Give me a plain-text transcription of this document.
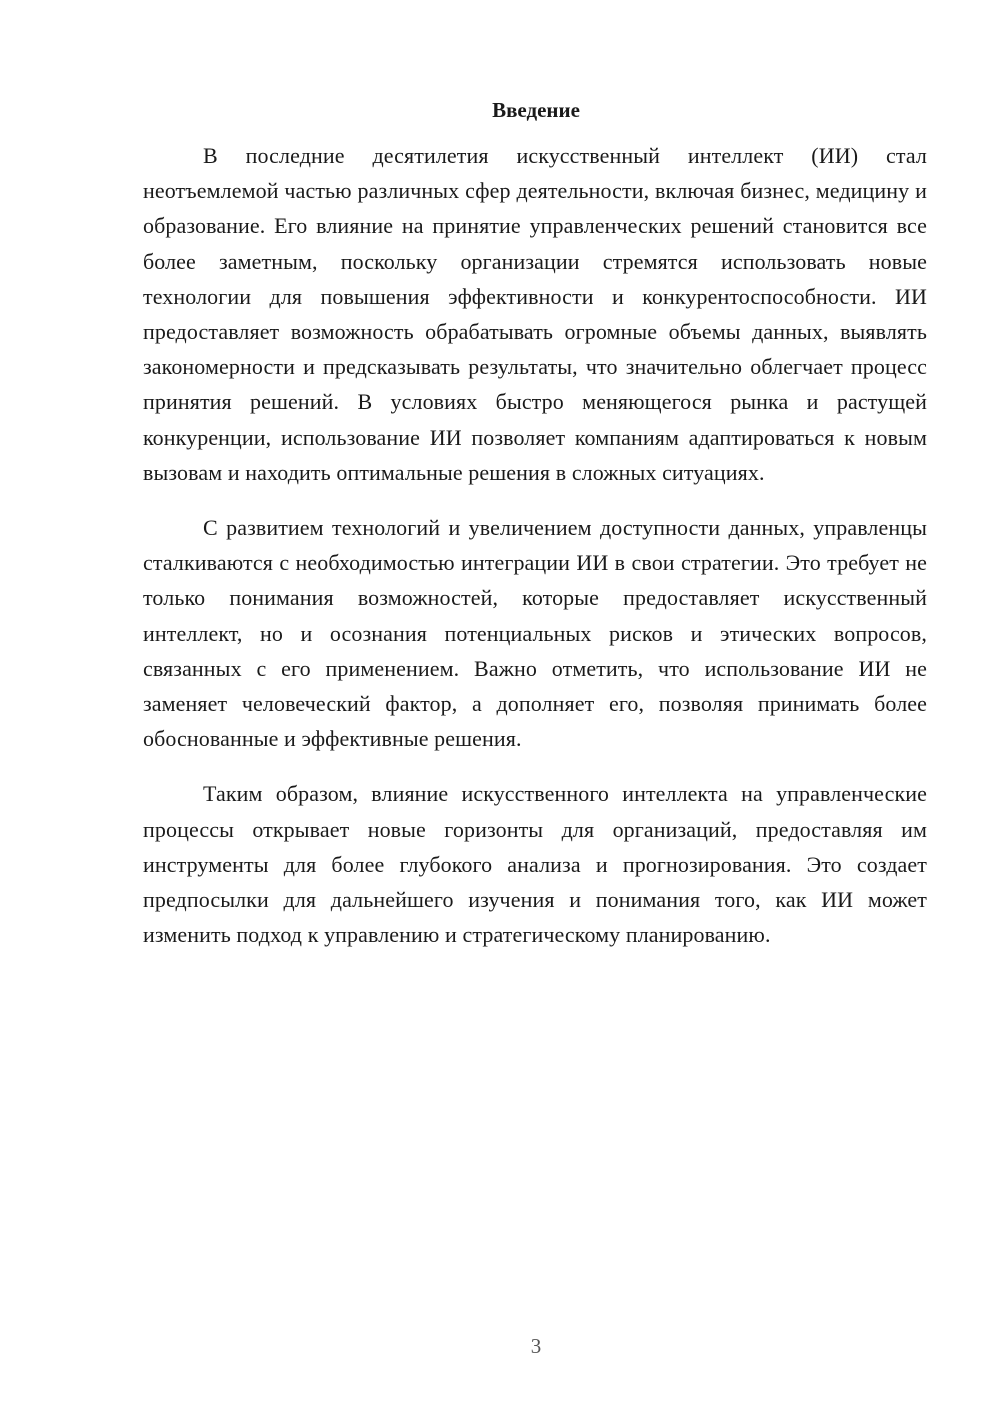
Введение

В последние десятилетия искусственный интеллект (ИИ) стал неотъемлемой частью различных сфер деятельности, включая бизнес, медицину и образование. Его влияние на принятие управленческих решений становится все более заметным, поскольку организации стремятся использовать новые технологии для повышения эффективности и конкурентоспособности. ИИ предоставляет возможность обрабатывать огромные объемы данных, выявлять закономерности и предсказывать результаты, что значительно облегчает процесс принятия решений. В условиях быстро меняющегося рынка и растущей конкуренции, использование ИИ позволяет компаниям адаптироваться к новым вызовам и находить оптимальные решения в сложных ситуациях.

С развитием технологий и увеличением доступности данных, управленцы сталкиваются с необходимостью интеграции ИИ в свои стратегии. Это требует не только понимания возможностей, которые предоставляет искусственный интеллект, но и осознания потенциальных рисков и этических вопросов, связанных с его применением. Важно отметить, что использование ИИ не заменяет человеческий фактор, а дополняет его, позволяя принимать более обоснованные и эффективные решения.

Таким образом, влияние искусственного интеллекта на управленческие процессы открывает новые горизонты для организаций, предоставляя им инструменты для более глубокого анализа и прогнозирования. Это создает предпосылки для дальнейшего изучения и понимания того, как ИИ может изменить подход к управлению и стратегическому планированию.

3
